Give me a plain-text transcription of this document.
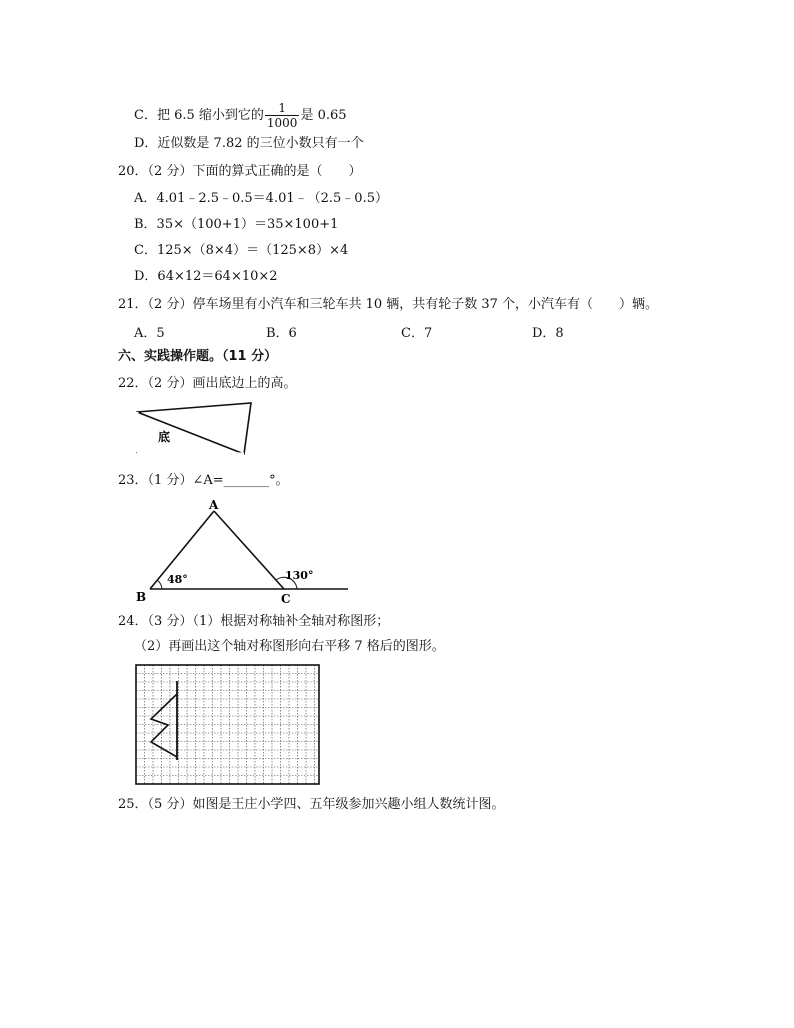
C．把 6.5 缩小到它的 $\frac{1}{1000}$ 是 0.65
D．近似数是 7.82 的三位小数只有一个
20．（2 分）下面的算式正确的是（　　）
A．4.01﹣2.5﹣0.5＝4.01﹣（2.5﹣0.5）
B．35×（100+1）＝35×100+1
C．125×（8×4）＝（125×8）×4
D．64×12＝64×10×2
21．（2 分）停车场里有小汽车和三轮车共 10 辆，共有轮子数 37 个，小汽车有（　　）辆。
A．5	B．6	C．7	D．8
六、实践操作题。（11 分）
22．（2 分）画出底边上的高。
底
23．（1 分）∠A=_______°。
A
B	C
48°	130°
24．（3 分）（1）根据对称轴补全轴对称图形；
（2）再画出这个轴对称图形向右平移 7 格后的图形。
25．（5 分）如图是王庄小学四、五年级参加兴趣小组人数统计图。
